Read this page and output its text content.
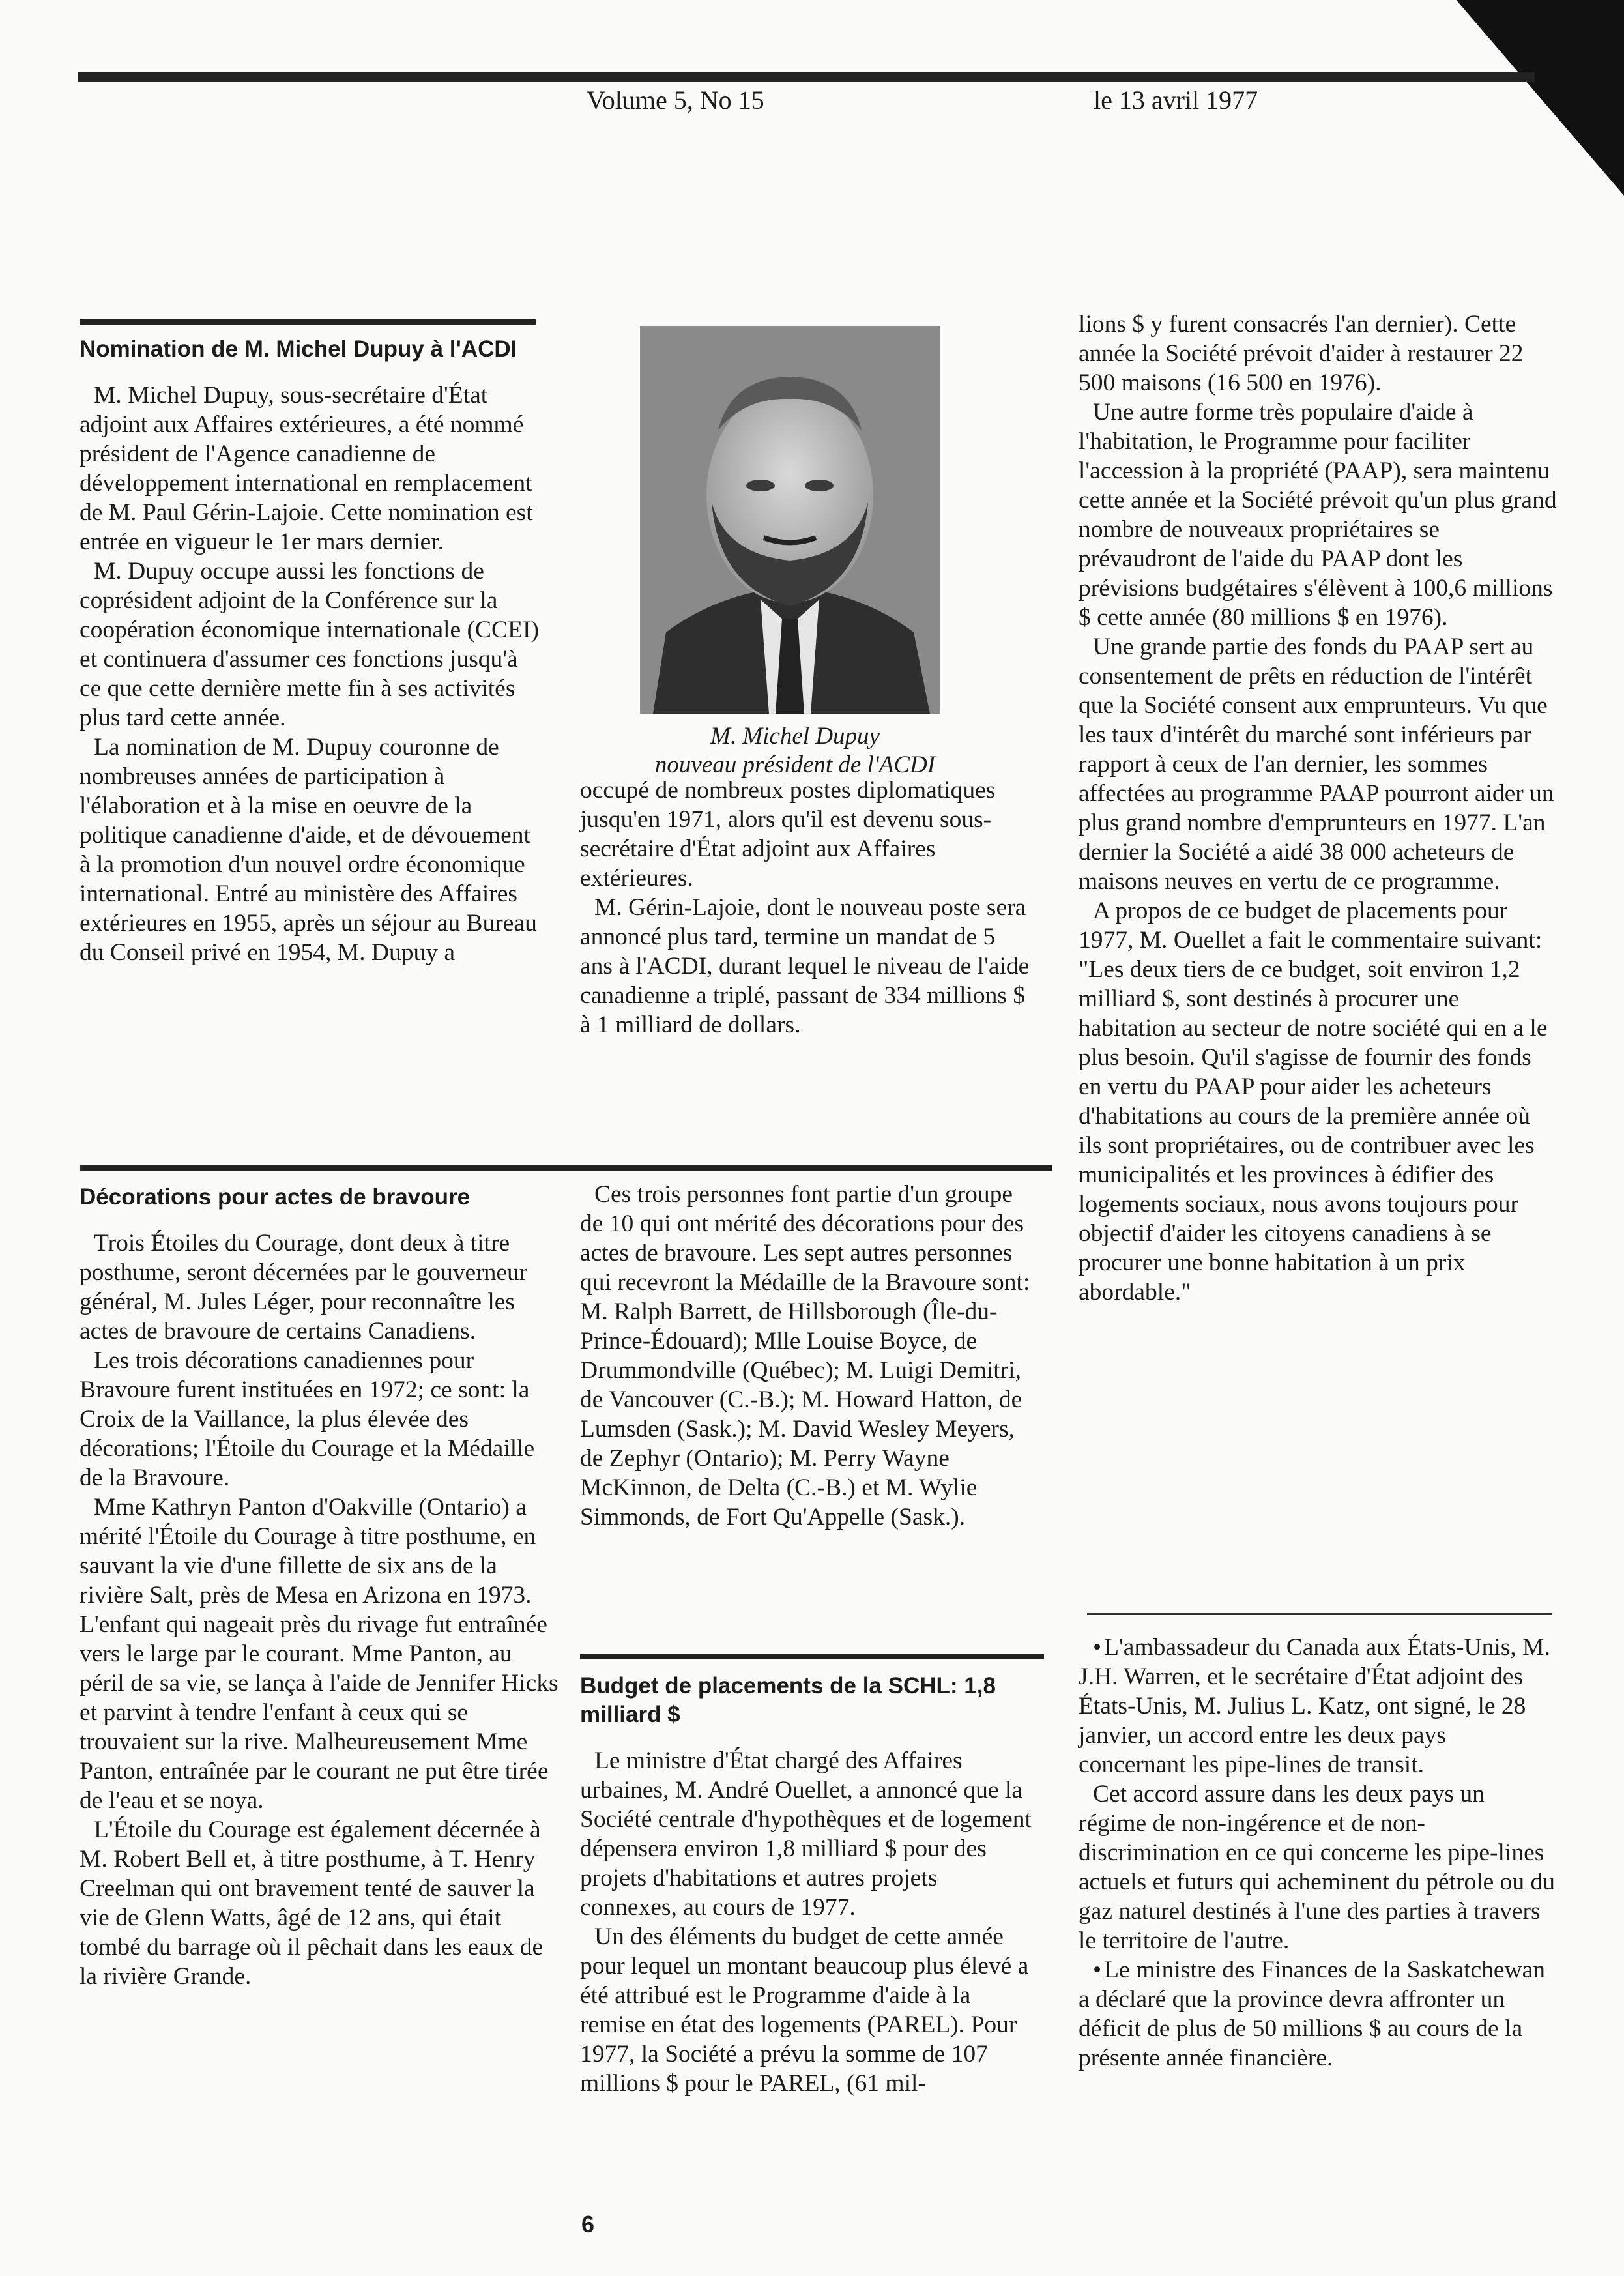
Volume 5, No 15	le 13 avril 1977
Nomination de M. Michel Dupuy à l'ACDI

M. Michel Dupuy, sous-secrétaire d'État adjoint aux Affaires extérieures, a été nommé président de l'Agence canadienne de développement international en remplacement de M. Paul Gérin-Lajoie. Cette nomination est entrée en vigueur le 1er mars dernier.

M. Dupuy occupe aussi les fonctions de coprésident adjoint de la Conférence sur la coopération économique internationale (CCEI) et continuera d'assumer ces fonctions jusqu'à ce que cette dernière mette fin à ses activités plus tard cette année.

La nomination de M. Dupuy couronne de nombreuses années de participation à l'élaboration et à la mise en oeuvre de la politique canadienne d'aide, et de dévouement à la promotion d'un nouvel ordre économique international. Entré au ministère des Affaires extérieures en 1955, après un séjour au Bureau du Conseil privé en 1954, M. Dupuy a

M. Michel Dupuy
nouveau président de l'ACDI

occupé de nombreux postes diplomatiques jusqu'en 1971, alors qu'il est devenu sous-secrétaire d'État adjoint aux Affaires extérieures.

M. Gérin-Lajoie, dont le nouveau poste sera annoncé plus tard, termine un mandat de 5 ans à l'ACDI, durant lequel le niveau de l'aide canadienne a triplé, passant de 334 millions $ à 1 milliard de dollars.

Décorations pour actes de bravoure

Trois Étoiles du Courage, dont deux à titre posthume, seront décernées par le gouverneur général, M. Jules Léger, pour reconnaître les actes de bravoure de certains Canadiens.

Les trois décorations canadiennes pour Bravoure furent instituées en 1972; ce sont: la Croix de la Vaillance, la plus élevée des décorations; l'Étoile du Courage et la Médaille de la Bravoure.

Mme Kathryn Panton d'Oakville (Ontario) a mérité l'Étoile du Courage à titre posthume, en sauvant la vie d'une fillette de six ans de la rivière Salt, près de Mesa en Arizona en 1973. L'enfant qui nageait près du rivage fut entraînée vers le large par le courant. Mme Panton, au péril de sa vie, se lança à l'aide de Jennifer Hicks et parvint à tendre l'enfant à ceux qui se trouvaient sur la rive. Malheureusement Mme Panton, entraînée par le courant ne put être tirée de l'eau et se noya.

L'Étoile du Courage est également décernée à M. Robert Bell et, à titre posthume, à T. Henry Creelman qui ont bravement tenté de sauver la vie de Glenn Watts, âgé de 12 ans, qui était tombé du barrage où il pêchait dans les eaux de la rivière Grande.

Ces trois personnes font partie d'un groupe de 10 qui ont mérité des décorations pour des actes de bravoure. Les sept autres personnes qui recevront la Médaille de la Bravoure sont: M. Ralph Barrett, de Hillsborough (Île-du-Prince-Édouard); Mlle Louise Boyce, de Drummondville (Québec); M. Luigi Demitri, de Vancouver (C.-B.); M. Howard Hatton, de Lumsden (Sask.); M. David Wesley Meyers, de Zephyr (Ontario); M. Perry Wayne McKinnon, de Delta (C.-B.) et M. Wylie Simmonds, de Fort Qu'Appelle (Sask.).

Budget de placements de la SCHL: 1,8 milliard $

Le ministre d'État chargé des Affaires urbaines, M. André Ouellet, a annoncé que la Société centrale d'hypothèques et de logement dépensera environ 1,8 milliard $ pour des projets d'habitations et autres projets connexes, au cours de 1977.

Un des éléments du budget de cette année pour lequel un montant beaucoup plus élevé a été attribué est le Programme d'aide à la remise en état des logements (PAREL). Pour 1977, la Société a prévu la somme de 107 millions $ pour le PAREL, (61 mil-

lions $ y furent consacrés l'an dernier). Cette année la Société prévoit d'aider à restaurer 22 500 maisons (16 500 en 1976).

Une autre forme très populaire d'aide à l'habitation, le Programme pour faciliter l'accession à la propriété (PAAP), sera maintenu cette année et la Société prévoit qu'un plus grand nombre de nouveaux propriétaires se prévaudront de l'aide du PAAP dont les prévisions budgétaires s'élèvent à 100,6 millions $ cette année (80 millions $ en 1976).

Une grande partie des fonds du PAAP sert au consentement de prêts en réduction de l'intérêt que la Société consent aux emprunteurs. Vu que les taux d'intérêt du marché sont inférieurs par rapport à ceux de l'an dernier, les sommes affectées au programme PAAP pourront aider un plus grand nombre d'emprunteurs en 1977. L'an dernier la Société a aidé 38 000 acheteurs de maisons neuves en vertu de ce programme.

A propos de ce budget de placements pour 1977, M. Ouellet a fait le commentaire suivant: "Les deux tiers de ce budget, soit environ 1,2 milliard $, sont destinés à procurer une habitation au secteur de notre société qui en a le plus besoin. Qu'il s'agisse de fournir des fonds en vertu du PAAP pour aider les acheteurs d'habitations au cours de la première année où ils sont propriétaires, ou de contribuer avec les municipalités et les provinces à édifier des logements sociaux, nous avons toujours pour objectif d'aider les citoyens canadiens à se procurer une bonne habitation à un prix abordable."

• L'ambassadeur du Canada aux États-Unis, M. J.H. Warren, et le secrétaire d'État adjoint des États-Unis, M. Julius L. Katz, ont signé, le 28 janvier, un accord entre les deux pays concernant les pipe-lines de transit.

Cet accord assure dans les deux pays un régime de non-ingérence et de non-discrimination en ce qui concerne les pipe-lines actuels et futurs qui acheminent du pétrole ou du gaz naturel destinés à l'une des parties à travers le territoire de l'autre.

• Le ministre des Finances de la Saskatchewan a déclaré que la province devra affronter un déficit de plus de 50 millions $ au cours de la présente année financière.

6
